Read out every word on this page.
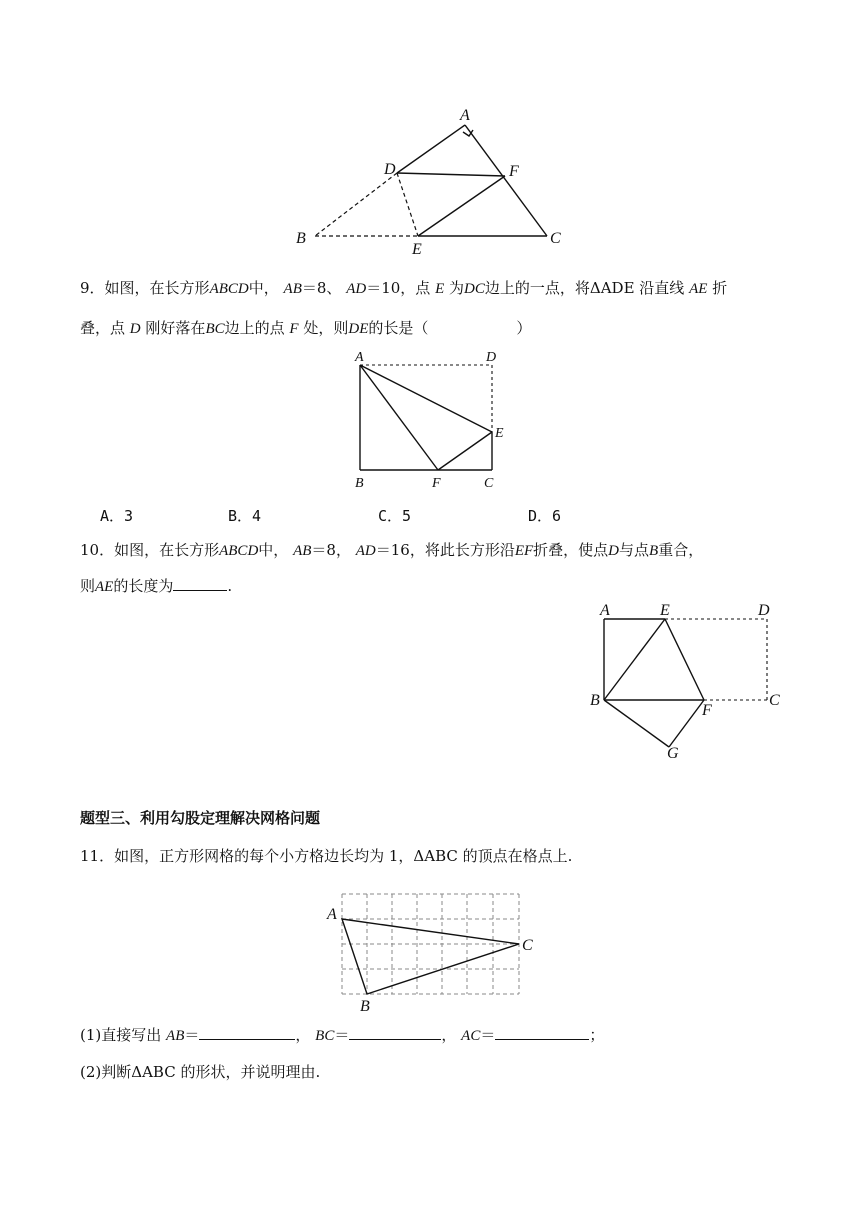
A
D	F
B
E
C
9．如图，在长方形ABCD中， AB＝8、 AD＝10，点 E 为DC边上的一点，将ΔADE 沿直线 AE 折
叠，点 D 刚好落在BC边上的点 F 处，则DE的长是（	）
A	D
E
B	F	C
A．3	B．4	C．5	D．6
10．如图，在长方形ABCD中， AB＝8， AD＝16，将此长方形沿EF折叠，使点D与点B重合，
则AE的长度为	.
A	E	D
B
F
C
G
题型三、利用勾股定理解决网格问题
11．如图，正方形网格的每个小方格边长均为 1，ΔABC 的顶点在格点上.
A
C
B
(1)直接写出 AB＝	， BC＝	， AC＝	；
(2)判断ΔABC 的形状，并说明理由.
